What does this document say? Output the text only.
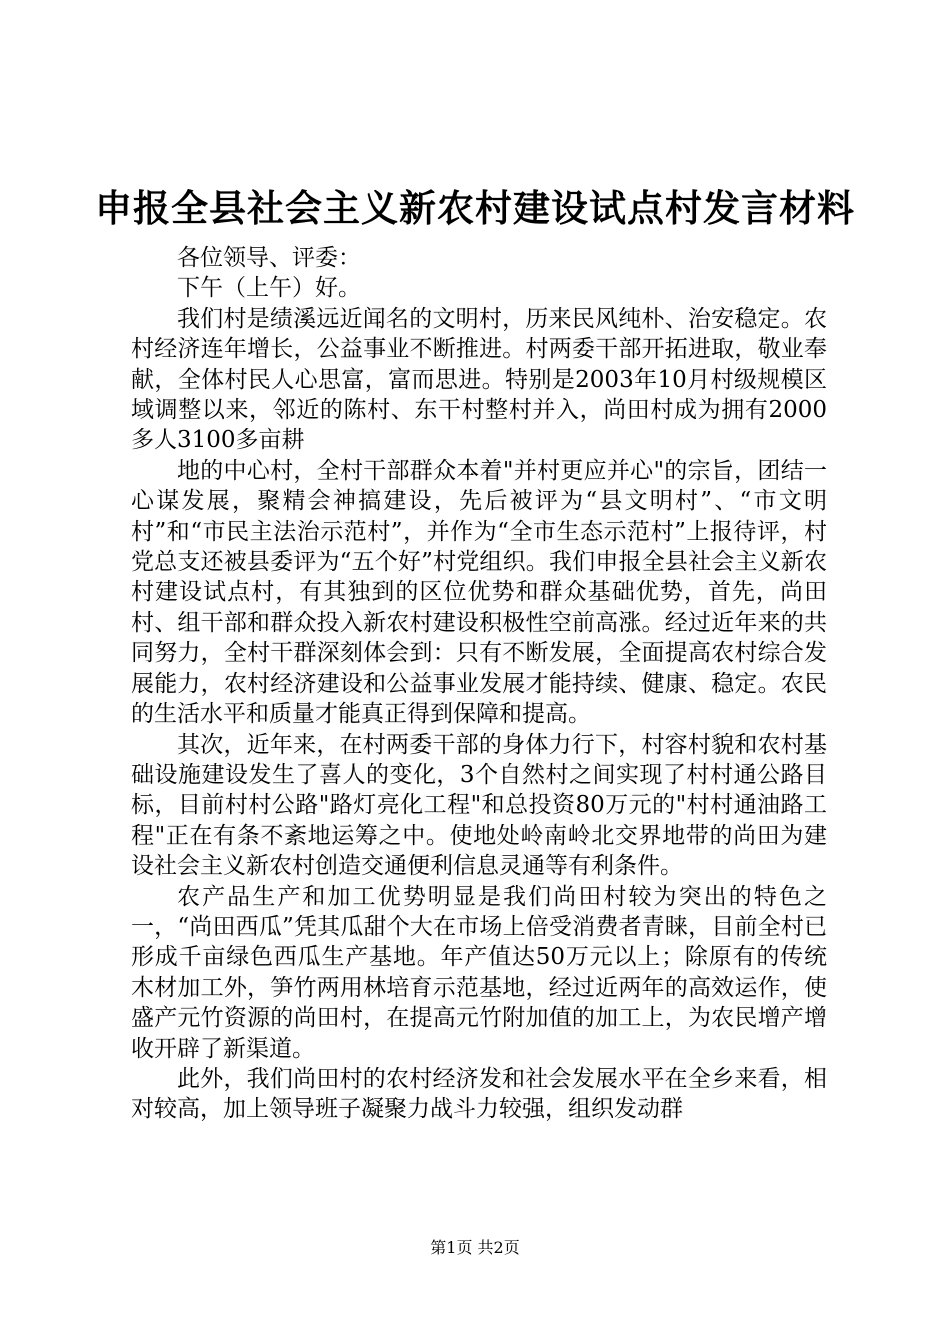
申报全县社会主义新农村建设试点村发言材料

各位领导、评委：

下午（上午）好。

我们村是绩溪远近闻名的文明村，历来民风纯朴、治安稳定。农村经济连年增长，公益事业不断推进。村两委干部开拓进取，敬业奉献，全体村民人心思富，富而思进。特别是2003年10月村级规模区域调整以来，邻近的陈村、东干村整村并入，尚田村成为拥有2000多人3100多亩耕

地的中心村，全村干部群众本着"并村更应并心"的宗旨，团结一心谋发展，聚精会神搞建设，先后被评为“县文明村”、“市文明村”和“市民主法治示范村”，并作为“全市生态示范村”上报待评，村党总支还被县委评为“五个好”村党组织。我们申报全县社会主义新农村建设试点村，有其独到的区位优势和群众基础优势，首先，尚田村、组干部和群众投入新农村建设积极性空前高涨。经过近年来的共同努力，全村干群深刻体会到：只有不断发展，全面提高农村综合发展能力，农村经济建设和公益事业发展才能持续、健康、稳定。农民的生活水平和质量才能真正得到保障和提高。

其次，近年来，在村两委干部的身体力行下，村容村貌和农村基础设施建设发生了喜人的变化，3个自然村之间实现了村村通公路目标，目前村村公路"路灯亮化工程"和总投资80万元的"村村通油路工程"正在有条不紊地运筹之中。使地处岭南岭北交界地带的尚田为建设社会主义新农村创造交通便利信息灵通等有利条件。

农产品生产和加工优势明显是我们尚田村较为突出的特色之一，“尚田西瓜”凭其瓜甜个大在市场上倍受消费者青睐，目前全村已形成千亩绿色西瓜生产基地。年产值达50万元以上；除原有的传统木材加工外，笋竹两用林培育示范基地，经过近两年的高效运作，使盛产元竹资源的尚田村，在提高元竹附加值的加工上，为农民增产增收开辟了新渠道。

此外，我们尚田村的农村经济发和社会发展水平在全乡来看，相对较高，加上领导班子凝聚力战斗力较强，组织发动群

第1页 共2页
